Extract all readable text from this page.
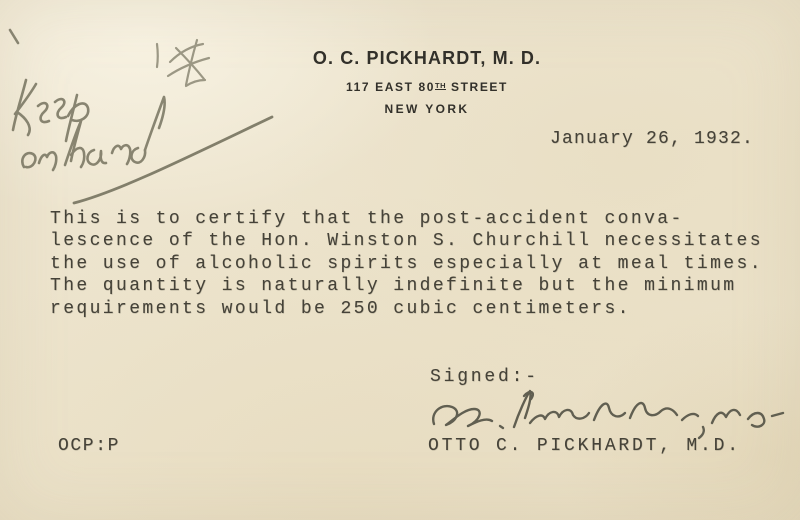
O. C. PICKHARDT, M. D.
117 EAST 80TH STREET
NEW YORK
January 26, 1932.
This is to certify that the post-accident conva-
lescence of the Hon. Winston S. Churchill necessitates
the use of alcoholic spirits especially at meal times.
The quantity is naturally indefinite but the minimum
requirements would be 250 cubic centimeters.
Signed:-
OTTO C. PICKHARDT, M.D.
OCP:P
